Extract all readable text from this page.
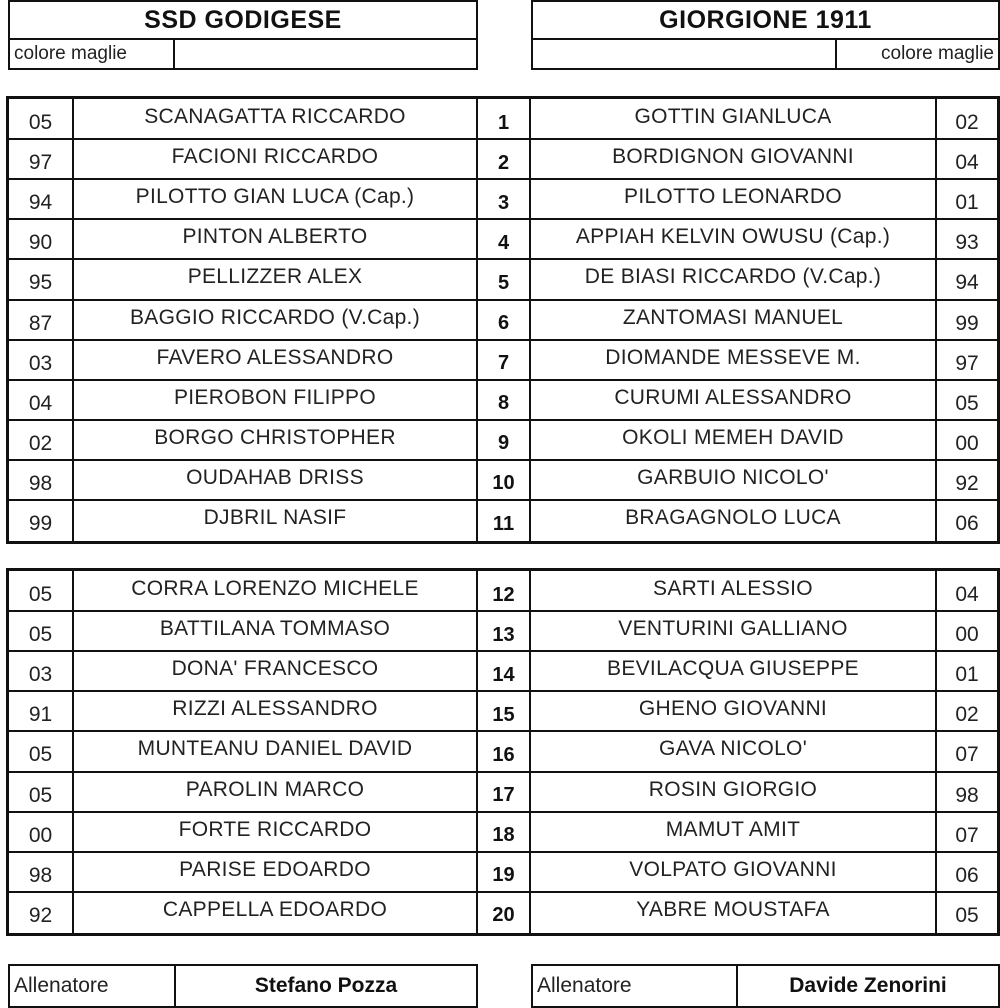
SSD GODIGESE
colore maglie
GIORGIONE 1911
colore maglie
05	SCANAGATTA RICCARDO	1	GOTTIN GIANLUCA	02
97	FACIONI RICCARDO	2	BORDIGNON GIOVANNI	04
94	PILOTTO GIAN LUCA (Cap.)	3	PILOTTO LEONARDO	01
90	PINTON ALBERTO	4	APPIAH KELVIN OWUSU (Cap.)	93
95	PELLIZZER ALEX	5	DE BIASI RICCARDO (V.Cap.)	94
87	BAGGIO RICCARDO (V.Cap.)	6	ZANTOMASI MANUEL	99
03	FAVERO ALESSANDRO	7	DIOMANDE MESSEVE M.	97
04	PIEROBON FILIPPO	8	CURUMI ALESSANDRO	05
02	BORGO CHRISTOPHER	9	OKOLI MEMEH DAVID	00
98	OUDAHAB DRISS	10	GARBUIO NICOLO'	92
99	DJBRIL NASIF	11	BRAGAGNOLO LUCA	06
05	CORRA LORENZO MICHELE	12	SARTI ALESSIO	04
05	BATTILANA TOMMASO	13	VENTURINI GALLIANO	00
03	DONA' FRANCESCO	14	BEVILACQUA GIUSEPPE	01
91	RIZZI ALESSANDRO	15	GHENO GIOVANNI	02
05	MUNTEANU DANIEL DAVID	16	GAVA NICOLO'	07
05	PAROLIN MARCO	17	ROSIN GIORGIO	98
00	FORTE RICCARDO	18	MAMUT AMIT	07
98	PARISE EDOARDO	19	VOLPATO GIOVANNI	06
92	CAPPELLA EDOARDO	20	YABRE MOUSTAFA	05
Allenatore	Stefano Pozza	Allenatore	Davide Zenorini
